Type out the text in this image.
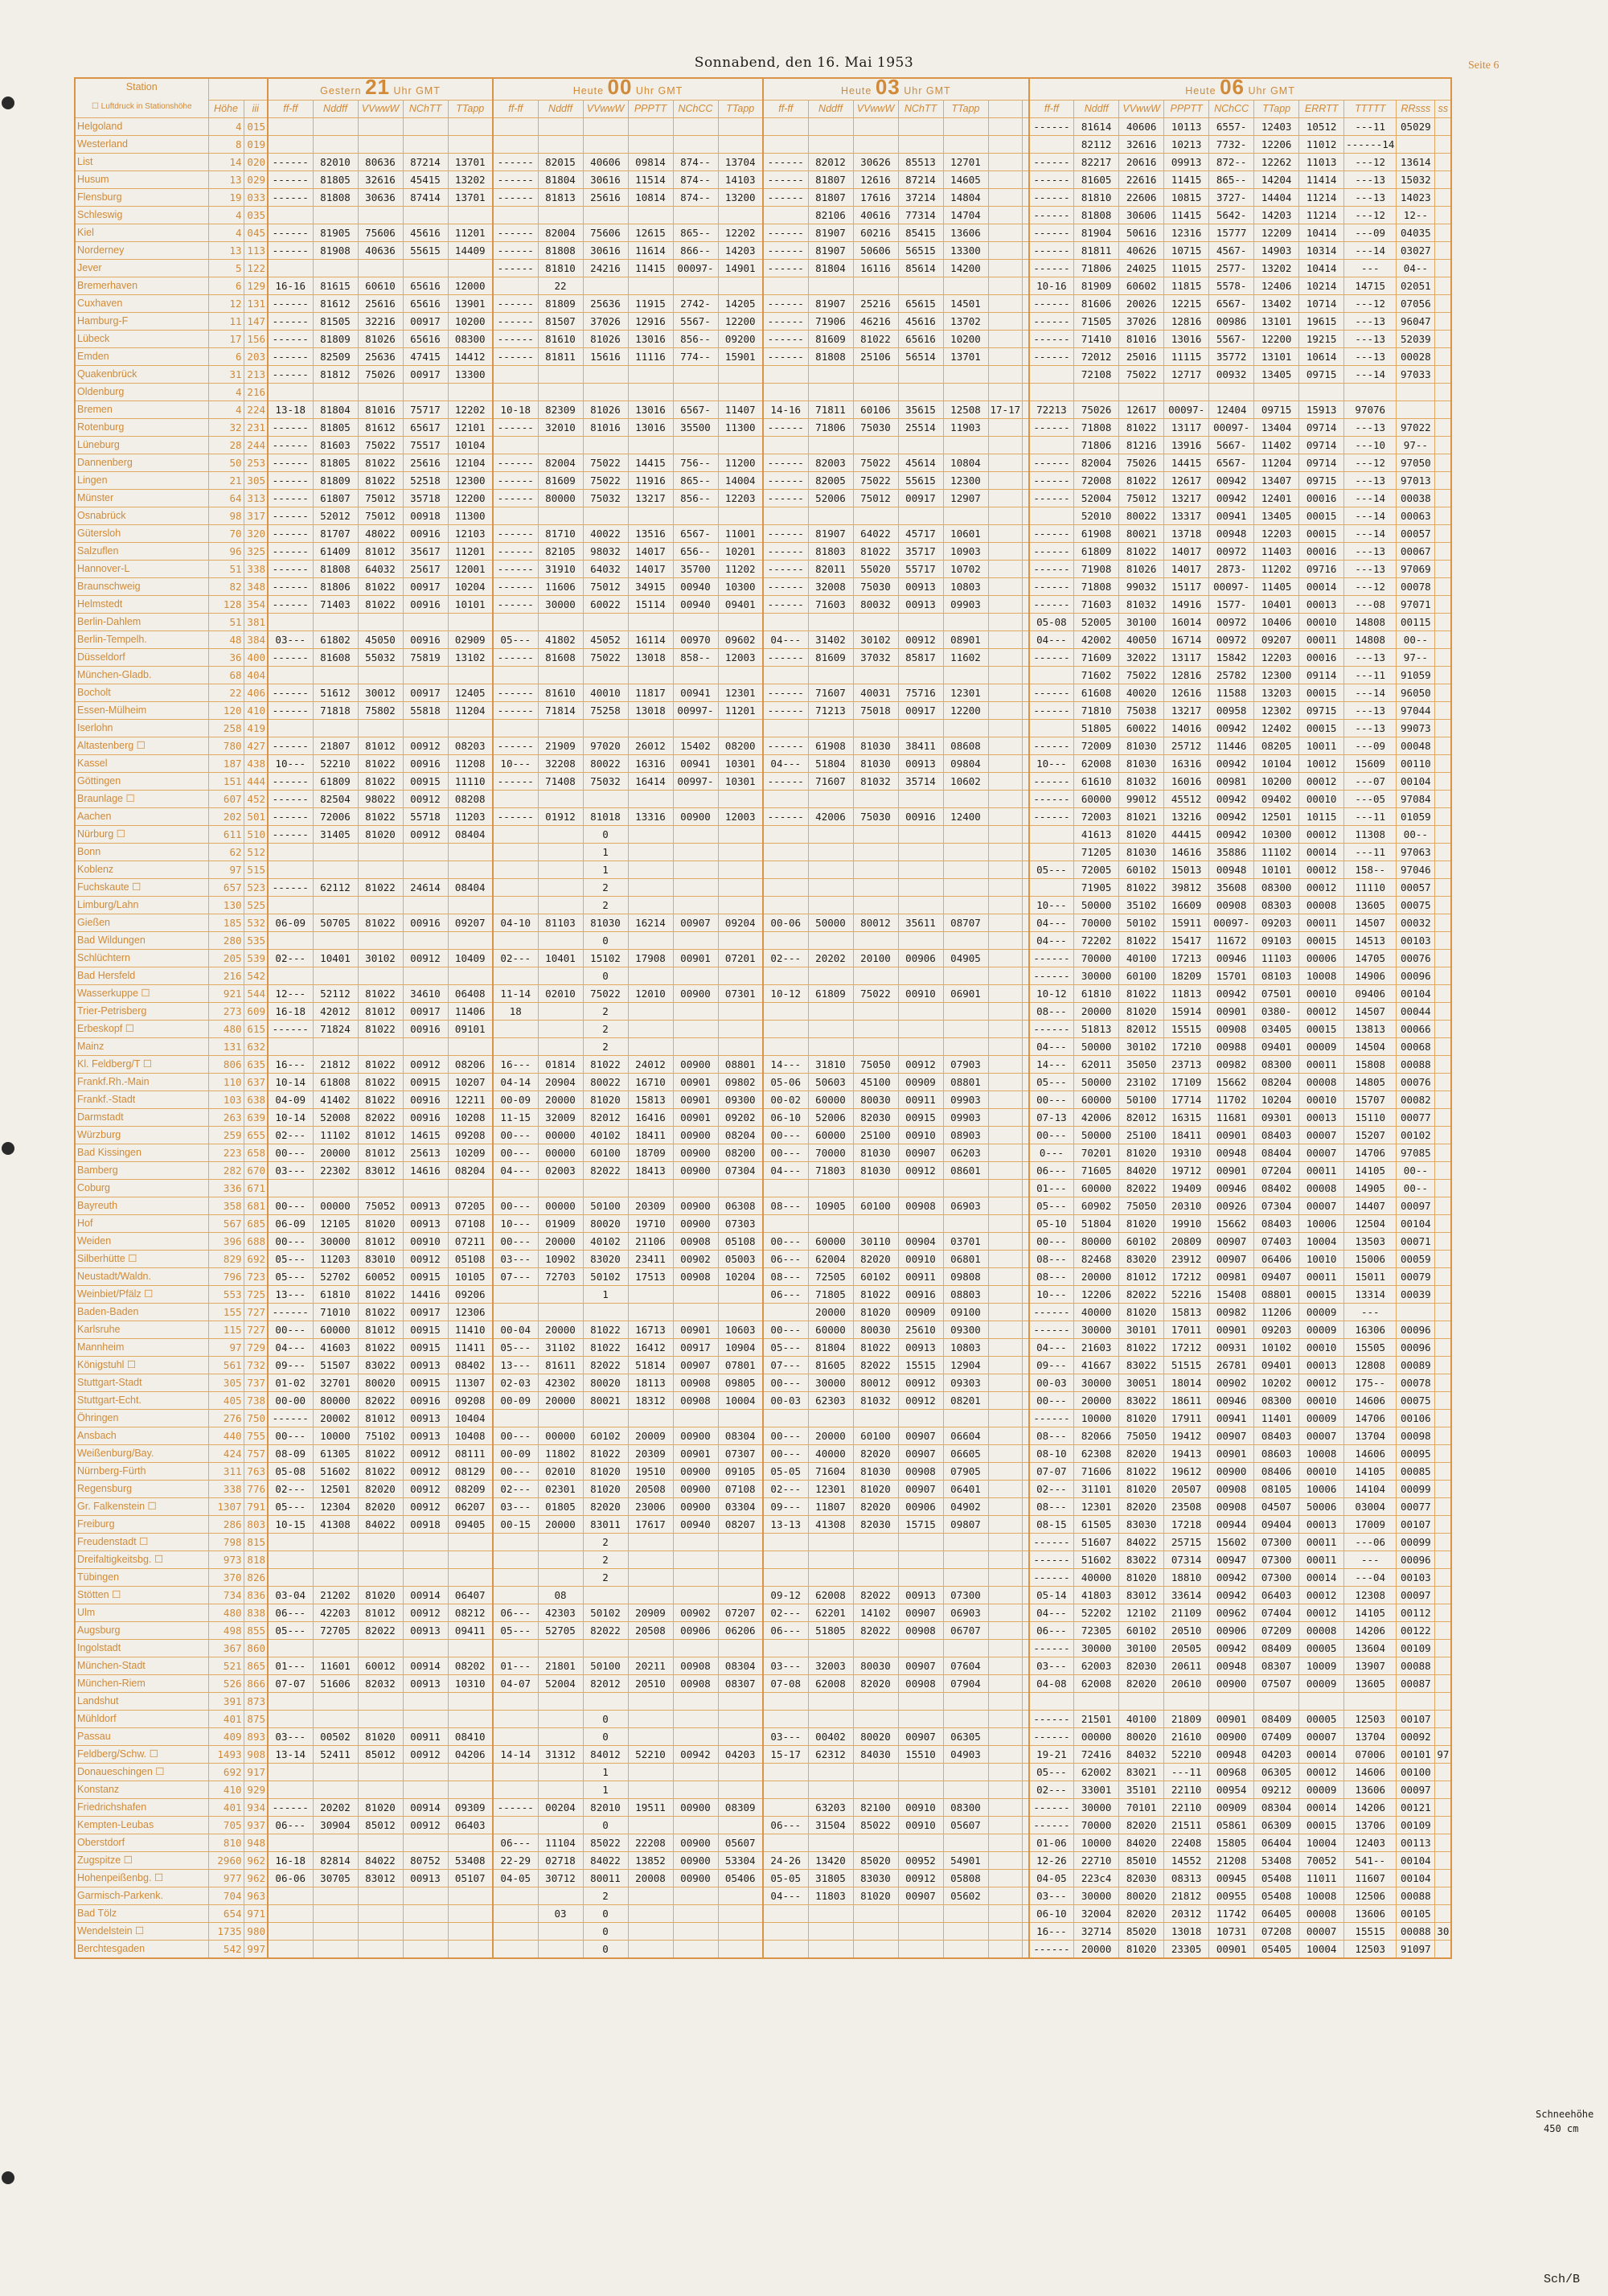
Sonnabend, den 16. Mai 1953	Seite 6
Station
☐ Luftdruck in Stationshöhe			Gestern 21 Uhr GMT					Heute 00 Uhr GMT						Heute 03 Uhr GMT							Heute 06 Uhr GMT									
	Höhe	iii	ff-ff	Nddff	VVwwW	NChTT	TTapp	ff-ff	Nddff	VVwwW	PPPTT	NChCC	TTapp	ff-ff	Nddff	VVwwW	NChTT	TTapp			ff-ff	Nddff	VVwwW	PPPTT	NChCC	TTapp	ERRTT	TTTTT	RRsss	ss
Helgoland	4	015																			------	81614	40606	10113	6557-	12403	10512	---11	05029	
Westerland	8	019																				82112	32616	10213	7732-	12206	11012	------14		
List	14	020	------	82010	80636	87214	13701	------	82015	40606	09814	874--	13704	------	82012	30626	85513	12701			------	82217	20616	09913	872--	12262	11013	---12	13614	
Husum	13	029	------	81805	32616	45415	13202	------	81804	30616	11514	874--	14103	------	81807	12616	87214	14605			------	81605	22616	11415	865--	14204	11414	---13	15032	
Flensburg	19	033	------	81808	30636	87414	13701	------	81813	25616	10814	874--	13200	------	81807	17616	37214	14804			------	81810	22606	10815	3727-	14404	11214	---13	14023	
Schleswig	4	035													82106	40616	77314	14704			------	81808	30606	11415	5642-	14203	11214	---12	12--	
Kiel	4	045	------	81905	75606	45616	11201	------	82004	75606	12615	865--	12202	------	81907	60216	85415	13606			------	81904	50616	12316	15777	12209	10414	---09	04035	
Norderney	13	113	------	81908	40636	55615	14409	------	81808	30616	11614	866--	14203	------	81907	50606	56515	13300			------	81811	40626	10715	4567-	14903	10314	---14	03027	
Jever	5	122						------	81810	24216	11415	00097-	14901	------	81804	16116	85614	14200			------	71806	24025	11015	2577-	13202	10414	---	04--	
Bremerhaven	6	129	16-16	81615	60610	65616	12000		22												10-16	81909	60602	11815	5578-	12406	10214	14715	02051	
Cuxhaven	12	131	------	81612	25616	65616	13901	------	81809	25636	11915	2742-	14205	------	81907	25216	65615	14501			------	81606	20026	12215	6567-	13402	10714	---12	07056	
Hamburg-F	11	147	------	81505	32216	00917	10200	------	81507	37026	12916	5567-	12200	------	71906	46216	45616	13702			------	71505	37026	12816	00986	13101	19615	---13	96047	
Lübeck	17	156	------	81809	81026	65616	08300	------	81610	81026	13016	856--	09200	------	81609	81022	65616	10200			------	71410	81016	13016	5567-	12200	19215	---13	52039	
Emden	6	203	------	82509	25636	47415	14412	------	81811	15616	11116	774--	15901	------	81808	25106	56514	13701			------	72012	25016	11115	35772	13101	10614	---13	00028	
Quakenbrück	31	213	------	81812	75026	00917	13300															72108	75022	12717	00932	13405	09715	---14	97033	
Oldenburg	4	216																												
Bremen	4	224	13-18	81804	81016	75717	12202	10-18	82309	81026	13016	6567-	11407	14-16	71811	60106	35615	12508	17-17		72213	75026	12617	00097-	12404	09715	15913	97076		
Rotenburg	32	231	------	81805	81612	65617	12101	------	32010	81016	13016	35500	11300	------	71806	75030	25514	11903			------	71808	81022	13117	00097-	13404	09714	---13	97022	
Lüneburg	28	244	------	81603	75022	75517	10104															71806	81216	13916	5667-	11402	09714	---10	97--	
Dannenberg	50	253	------	81805	81022	25616	12104	------	82004	75022	14415	756--	11200	------	82003	75022	45614	10804			------	82004	75026	14415	6567-	11204	09714	---12	97050	
Lingen	21	305	------	81809	81022	52518	12300	------	81609	75022	11916	865--	14004	------	82005	75022	55615	12300			------	72008	81022	12617	00942	13407	09715	---13	97013	
Münster	64	313	------	61807	75012	35718	12200	------	80000	75032	13217	856--	12203	------	52006	75012	00917	12907			------	52004	75012	13217	00942	12401	00016	---14	00038	
Osnabrück	98	317	------	52012	75012	00918	11300															52010	80022	13317	00941	13405	00015	---14	00063	
Gütersloh	70	320	------	81707	48022	00916	12103	------	81710	40022	13516	6567-	11001	------	81907	64022	45717	10601			------	61908	80021	13718	00948	12203	00015	---14	00057	
Salzuflen	96	325	------	61409	81012	35617	11201	------	82105	98032	14017	656--	10201	------	81803	81022	35717	10903			------	61809	81022	14017	00972	11403	00016	---13	00067	
Hannover-L	51	338	------	81808	64032	25617	12001	------	31910	64032	14017	35700	11202	------	82011	55020	55717	10702			------	71908	81026	14017	2873-	11202	09716	---13	97069	
Braunschweig	82	348	------	81806	81022	00917	10204	------	11606	75012	34915	00940	10300	------	32008	75030	00913	10803			------	71808	99032	15117	00097-	11405	00014	---12	00078	
Helmstedt	128	354	------	71403	81022	00916	10101	------	30000	60022	15114	00940	09401	------	71603	80032	00913	09903			------	71603	81032	14916	1577-	10401	00013	---08	97071	
Berlin-Dahlem	51	381																			05-08	52005	30100	16014	00972	10406	00010	14808	00115	
Berlin-Tempelh.	48	384	03---	61802	45050	00916	02909	05---	41802	45052	16114	00970	09602	04---	31402	30102	00912	08901			04---	42002	40050	16714	00972	09207	00011	14808	00--	
Düsseldorf	36	400	------	81608	55032	75819	13102	------	81608	75022	13018	858--	12003	------	81609	37032	85817	11602			------	71609	32022	13117	15842	12203	00016	---13	97--	
München-Gladb.	68	404																				71602	75022	12816	25782	12300	09114	---11	91059	
Bocholt	22	406	------	51612	30012	00917	12405	------	81610	40010	11817	00941	12301	------	71607	40031	75716	12301			------	61608	40020	12616	11588	13203	00015	---14	96050	
Essen-Mülheim	120	410	------	71818	75802	55818	11204	------	71814	75258	13018	00997-	11201	------	71213	75018	00917	12200			------	71810	75038	13217	00958	12302	09715	---13	97044	
Iserlohn	258	419																				51805	60022	14016	00942	12402	00015	---13	99073	
Altastenberg ☐	780	427	------	21807	81012	00912	08203	------	21909	97020	26012	15402	08200	------	61908	81030	38411	08608			------	72009	81030	25712	11446	08205	10011	---09	00048	
Kassel	187	438	10---	52210	81022	00916	11208	10---	32208	80022	16316	00941	10301	04---	51804	81030	00913	09804			10---	62008	81030	16316	00942	10104	10012	15609	00110	
Göttingen	151	444	------	61809	81022	00915	11110	------	71408	75032	16414	00997-	10301	------	71607	81032	35714	10602			------	61610	81032	16016	00981	10200	00012	---07	00104	
Braunlage ☐	607	452	------	82504	98022	00912	08208														------	60000	99012	45512	00942	09402	00010	---05	97084	
Aachen	202	501	------	72006	81022	55718	11203	------	01912	81018	13316	00900	12003	------	42006	75030	00916	12400			------	72003	81021	13216	00942	12501	10115	---11	01059	
Nürburg ☐	611	510	------	31405	81020	00912	08404			0												41613	81020	44415	00942	10300	00012	11308	00--	
Bonn	62	512								1												71205	81030	14616	35886	11102	00014	---11	97063	
Koblenz	97	515								1											05---	72005	60102	15013	00948	10101	00012	158--	97046	
Fuchskaute ☐	657	523	------	62112	81022	24614	08404			2												71905	81022	39812	35608	08300	00012	11110	00057	
Limburg/Lahn	130	525								2											10---	50000	35102	16609	00908	08303	00008	13605	00075	
Gießen	185	532	06-09	50705	81022	00916	09207	04-10	81103	81030	16214	00907	09204	00-06	50000	80012	35611	08707			04---	70000	50102	15911	00097-	09203	00011	14507	00032	
Bad Wildungen	280	535								0											04---	72202	81022	15417	11672	09103	00015	14513	00103	
Schlüchtern	205	539	02---	10401	30102	00912	10409	02---	10401	15102	17908	00901	07201	02---	20202	20100	00906	04905			------	70000	40100	17213	00946	11103	00006	14705	00076	
Bad Hersfeld	216	542								0											------	30000	60100	18209	15701	08103	10008	14906	00096	
Wasserkuppe ☐	921	544	12---	52112	81022	34610	06408	11-14	02010	75022	12010	00900	07301	10-12	61809	75022	00910	06901			10-12	61810	81022	11813	00942	07501	00010	09406	00104	
Trier-Petrisberg	273	609	16-18	42012	81012	00917	11406	18		2											08---	20000	81020	15914	00901	0380-	00012	14507	00044	
Erbeskopf ☐	480	615	------	71824	81022	00916	09101			2											------	51813	82012	15515	00908	03405	00015	13813	00066	
Mainz	131	632								2											04---	50000	30102	17210	00988	09401	00009	14504	00068	
Kl. Feldberg/T ☐	806	635	16---	21812	81022	00912	08206	16---	01814	81022	24012	00900	08801	14---	31810	75050	00912	07903			14---	62011	35050	23713	00982	08300	00011	15808	00088	
Frankf.Rh.-Main	110	637	10-14	61808	81022	00915	10207	04-14	20904	80022	16710	00901	09802	05-06	50603	45100	00909	08801			05---	50000	23102	17109	15662	08204	00008	14805	00076	
Frankf.-Stadt	103	638	04-09	41402	81022	00916	12211	00-09	20000	81020	15813	00901	09300	00-02	60000	80030	00911	09903			00---	60000	50100	17714	11702	10204	00010	15707	00082	
Darmstadt	263	639	10-14	52008	82022	00916	10208	11-15	32009	82012	16416	00901	09202	06-10	52006	82030	00915	09903			07-13	42006	82012	16315	11681	09301	00013	15110	00077	
Würzburg	259	655	02---	11102	81012	14615	09208	00---	00000	40102	18411	00900	08204	00---	60000	25100	00910	08903			00---	50000	25100	18411	00901	08403	00007	15207	00102	
Bad Kissingen	223	658	00---	20000	81012	25613	10209	00---	00000	60100	18709	00900	08200	00---	70000	81030	00907	06203			0---	70201	81020	19310	00948	08404	00007	14706	97085	
Bamberg	282	670	03---	22302	83012	14616	08204	04---	02003	82022	18413	00900	07304	04---	71803	81030	00912	08601			06---	71605	84020	19712	00901	07204	00011	14105	00--	
Coburg	336	671																			01---	60000	82022	19409	00946	08402	00008	14905	00--	
Bayreuth	358	681	00---	00000	75052	00913	07205	00---	00000	50100	20309	00900	06308	08---	10905	60100	00908	06903			05---	60902	75050	20310	00926	07304	00007	14407	00097	
Hof	567	685	06-09	12105	81020	00913	07108	10---	01909	80020	19710	00900	07303								05-10	51804	81020	19910	15662	08403	10006	12504	00104	
Weiden	396	688	00---	30000	81012	00910	07211	00---	20000	40102	21106	00908	05108	00---	60000	30110	00904	03701			00---	80000	60102	20809	00907	07403	10004	13503	00071	
Silberhütte ☐	829	692	05---	11203	83010	00912	05108	03---	10902	83020	23411	00902	05003	06---	62004	82020	00910	06801			08---	82468	83020	23912	00907	06406	10010	15006	00059	
Neustadt/Waldn.	796	723	05---	52702	60052	00915	10105	07---	72703	50102	17513	00908	10204	08---	72505	60102	00911	09808			08---	20000	81012	17212	00981	09407	00011	15011	00079	
Weinbiet/Pfälz ☐	553	725	13---	61810	81022	14416	09206			1				06---	71805	81022	00916	08803			10---	12206	82022	52216	15408	08801	00015	13314	00039	
Baden-Baden	155	727	------	71010	81022	00917	12306								20000	81020	00909	09100			------	40000	81020	15813	00982	11206	00009	---		
Karlsruhe	115	727	00---	60000	81012	00915	11410	00-04	20000	81022	16713	00901	10603	00---	60000	80030	25610	09300			------	30000	30101	17011	00901	09203	00009	16306	00096	
Mannheim	97	729	04---	41603	81022	00915	11411	05---	31102	81022	16412	00917	10904	05---	81804	81022	00913	10803			04---	21603	81022	17212	00931	10102	00010	15505	00096	
Königstuhl ☐	561	732	09---	51507	83022	00913	08402	13---	81611	82022	51814	00907	07801	07---	81605	82022	15515	12904			09---	41667	83022	51515	26781	09401	00013	12808	00089	
Stuttgart-Stadt	305	737	01-02	32701	80020	00915	11307	02-03	42302	80020	18113	00908	09805	00---	30000	80012	00912	09303			00-03	30000	30051	18014	00902	10202	00012	175--	00078	
Stuttgart-Echt.	405	738	00-00	80000	82022	00916	09208	00-09	20000	80021	18312	00908	10004	00-03	62303	81032	00912	08201			00---	20000	83022	18611	00946	08300	00010	14606	00075	
Öhringen	276	750	------	20002	81012	00913	10404														------	10000	81020	17911	00941	11401	00009	14706	00106	
Ansbach	440	755	00---	10000	75102	00913	10408	00---	00000	60102	20009	00900	08304	00---	20000	60100	00907	06604			08---	82066	75050	19412	00907	08403	00007	13704	00098	
Weißenburg/Bay.	424	757	08-09	61305	81022	00912	08111	00-09	11802	81022	20309	00901	07307	00---	40000	82020	00907	06605			08-10	62308	82020	19413	00901	08603	10008	14606	00095	
Nürnberg-Fürth	311	763	05-08	51602	81022	00912	08129	00---	02010	81020	19510	00900	09105	05-05	71604	81030	00908	07905			07-07	71606	81022	19612	00900	08406	00010	14105	00085	
Regensburg	338	776	02---	12501	82020	00912	08209	02---	02301	81020	20508	00900	07108	02---	12301	81020	00907	06401			02---	31101	81020	20507	00908	08105	10006	14104	00099	
Gr. Falkenstein ☐	1307	791	05---	12304	82020	00912	06207	03---	01805	82020	23006	00900	03304	09---	11807	82020	00906	04902			08---	12301	82020	23508	00908	04507	50006	03004	00077	
Freiburg	286	803	10-15	41308	84022	00918	09405	00-15	20000	83011	17617	00940	08207	13-13	41308	82030	15715	09807			08-15	61505	83030	17218	00944	09404	00013	17009	00107	
Freudenstadt ☐	798	815								2											------	51607	84022	25715	15602	07300	00011	---06	00099	
Dreifaltigkeitsbg. ☐	973	818								2											------	51602	83022	07314	00947	07300	00011	---	00096	
Tübingen	370	826								2											------	40000	81020	18810	00942	07300	00014	---04	00103	
Stötten ☐	734	836	03-04	21202	81020	00914	06407		08					09-12	62008	82022	00913	07300			05-14	41803	83012	33614	00942	06403	00012	12308	00097	
Ulm	480	838	06---	42203	81012	00912	08212	06---	42303	50102	20909	00902	07207	02---	62201	14102	00907	06903			04---	52202	12102	21109	00962	07404	00012	14105	00112	
Augsburg	498	855	05---	72705	82022	00913	09411	05---	52705	82022	20508	00906	06206	06---	51805	82022	00908	06707			06---	72305	60102	20510	00906	07209	00008	14206	00122	
Ingolstadt	367	860																			------	30000	30100	20505	00942	08409	00005	13604	00109	
München-Stadt	521	865	01---	11601	60012	00914	08202	01---	21801	50100	20211	00908	08304	03---	32003	80030	00907	07604			03---	62003	82030	20611	00948	08307	10009	13907	00088	
München-Riem	526	866	07-07	51606	82032	00913	10310	04-07	52004	82012	20510	00908	08307	07-08	62008	82020	00908	07904			04-08	62008	82020	20610	00900	07507	00009	13605	00087	
Landshut	391	873																												
Mühldorf	401	875								0											------	21501	40100	21809	00901	08409	00005	12503	00107	
Passau	409	893	03---	00502	81020	00911	08410			0				03---	00402	80020	00907	06305			------	00000	80020	21610	00900	07409	00007	13704	00092	
Feldberg/Schw. ☐	1493	908	13-14	52411	85012	00912	04206	14-14	31312	84012	52210	00942	04203	15-17	62312	84030	15510	04903			19-21	72416	84032	52210	00948	04203	00014	07006	00101	97
Donaueschingen ☐	692	917								1											05---	62002	83021	---11	00968	06305	00012	14606	00100	
Konstanz	410	929								1											02---	33001	35101	22110	00954	09212	00009	13606	00097	
Friedrichshafen	401	934	------	20202	81020	00914	09309	------	00204	82010	19511	00900	08309		63203	82100	00910	08300			------	30000	70101	22110	00909	08304	00014	14206	00121	
Kempten-Leubas	705	937	06---	30904	85012	00912	06403			0				06---	31504	85022	00910	05607			------	70000	82020	21511	05861	06309	00015	13706	00109	
Oberstdorf	810	948						06---	11104	85022	22208	00900	05607								01-06	10000	84020	22408	15805	06404	10004	12403	00113	
Zugspitze ☐	2960	962	16-18	82814	84022	80752	53408	22-29	02718	84022	13852	00900	53304	24-26	13420	85020	00952	54901			12-26	22710	85010	14552	21208	53408	70052	541--	00104	
Hohenpeißenbg. ☐	977	962	06-06	30705	83012	00913	05107	04-05	30712	80011	20008	00900	05406	05-05	31805	83030	00912	05808			04-05	223c4	82030	08313	00945	05408	11011	11607	00104	
Garmisch-Parkenk.	704	963								2				04---	11803	81020	00907	05602			03---	30000	80020	21812	00955	05408	10008	12506	00088	
Bad Tölz	654	971							03	0											06-10	32004	82020	20312	11742	06405	00008	13606	00105	
Wendelstein ☐	1735	980								0											16---	32714	85020	13018	10731	07208	00007	15515	00088	30
Berchtesgaden	542	997								0											------	20000	81020	23305	00901	05405	10004	12503	91097	
Schneehöhe
450 cm
Sch/B
